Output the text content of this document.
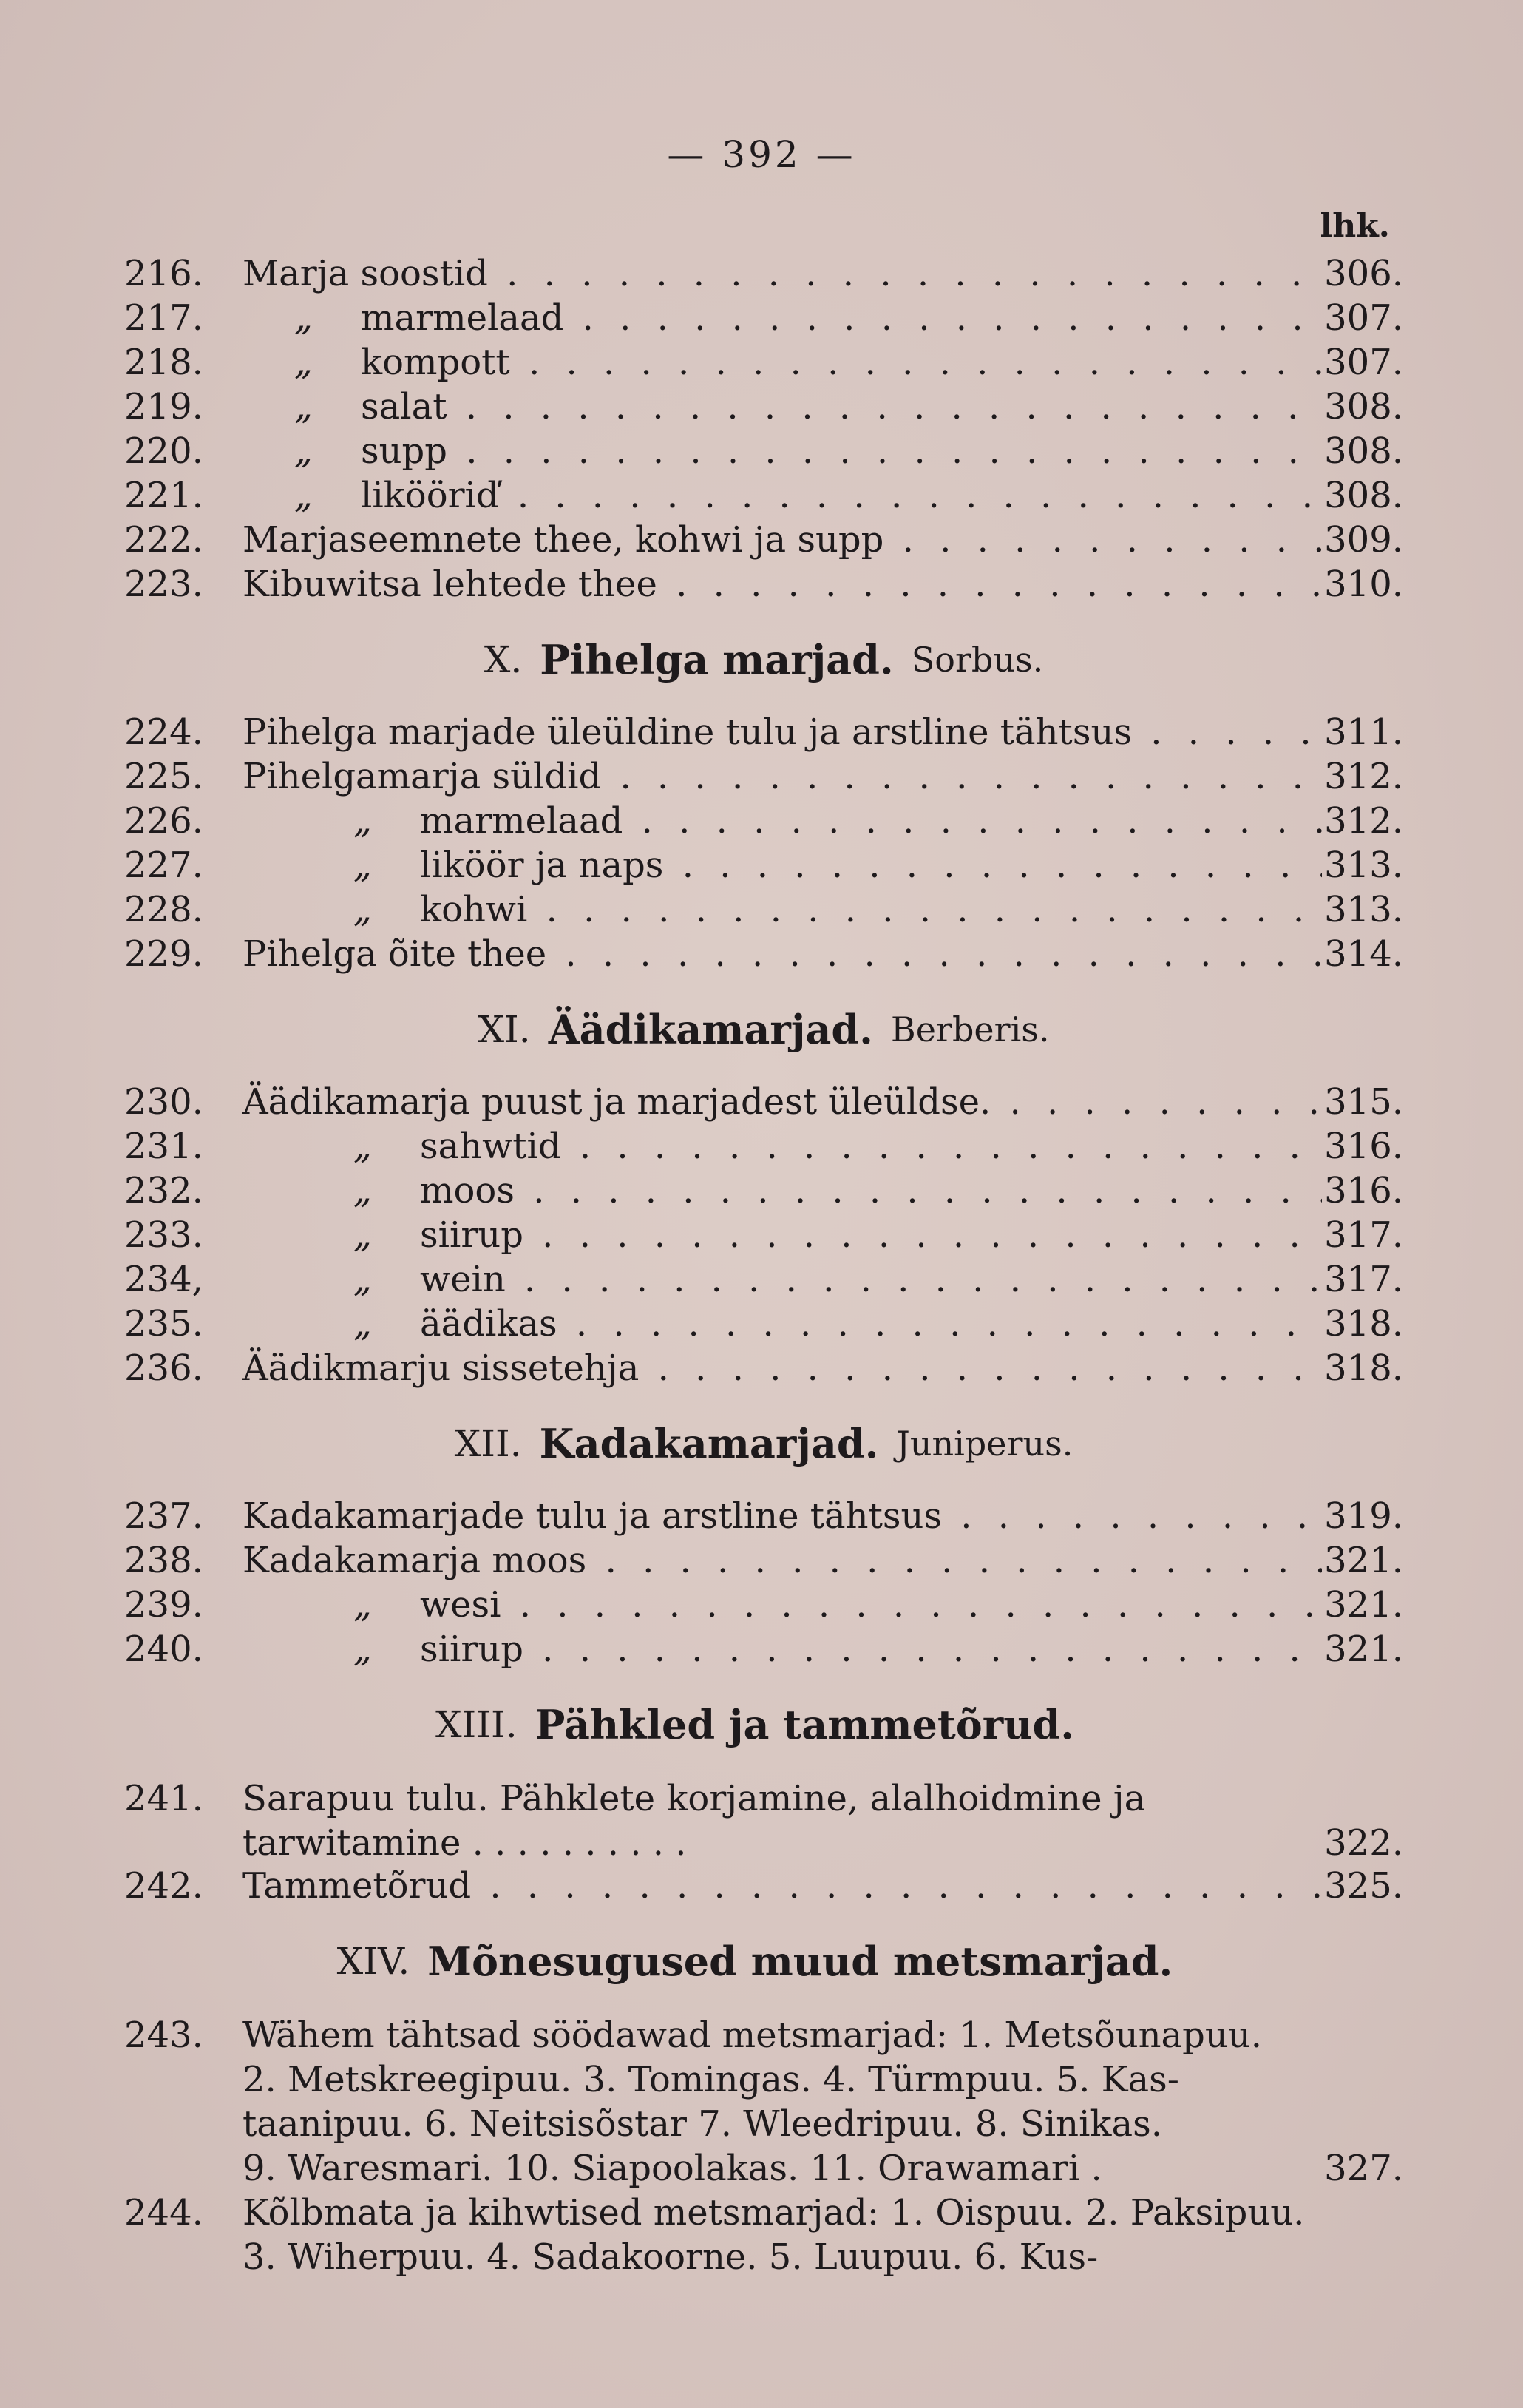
— 392 —
lhk.
216.	Marja soostid . . .	306.
217.	„ marmelaad . . .	307.
218.	„ kompott . . .	307.
219.	„ salat . . .	308.
220.	„ supp . . .	308.
221.	„ likööriď . . .	308.
222.	Marjaseemnete thee, kohwi ja supp . . .	309.
223.	Kibuwitsa lehtede thee . . .	310.
X. Pihelga marjad. Sorbus.
224.	Pihelga marjade üleüldine tulu ja arstline tähtsus . . .	311.
225.	Pihelgamarja süldid . . .	312.
226.	„ marmelaad . . .	312.
227.	„ liköör ja naps . . .	313.
228.	„ kohwi . . .	313.
229.	Pihelga õite thee . . .	314.
XI. Äädikamarjad. Berberis.
230.	Äädikamarja puust ja marjadest üleüldse. . . .	315.
231.	„ sahwtid . . .	316.
232.	„ moos . . .	316.
233.	„ siirup . . .	317.
234,	„ wein . . .	317.
235.	„ äädikas . . .	318.
236.	Äädikmarju sissetehja . . .	318.
XII. Kadakamarjad. Juniperus.
237.	Kadakamarjade tulu ja arstline tähtsus . . .	319.
238.	Kadakamarja moos . . .	321.
239.	„ wesi . . .	321.
240.	„ siirup . . .	321.
XIII. Pähkled ja tammetõrud.
241.	Sarapuu tulu. Pähklete korjamine, alalhoidmine ja
tarwitamine . . . . . . . . . .	322.
242.	Tammetõrud . . .	325.
XIV. Mõnesugused muud metsmarjad.
243.	Wähem tähtsad söödawad metsmarjad: 1. Metsõunapuu.
2. Metskreegipuu. 3. Tomingas. 4. Türmpuu. 5. Kas-
taanipuu. 6. Neitsisõstar 7. Wleedripuu. 8. Sinikas.
9. Waresmari. 10. Siapoolakas. 11. Orawamari .	327.
244.	Kõlbmata ja kihwtised metsmarjad: 1. Oispuu. 2. Paksipuu.
3. Wiherpuu. 4. Sadakoorne. 5. Luupuu. 6. Kus-
